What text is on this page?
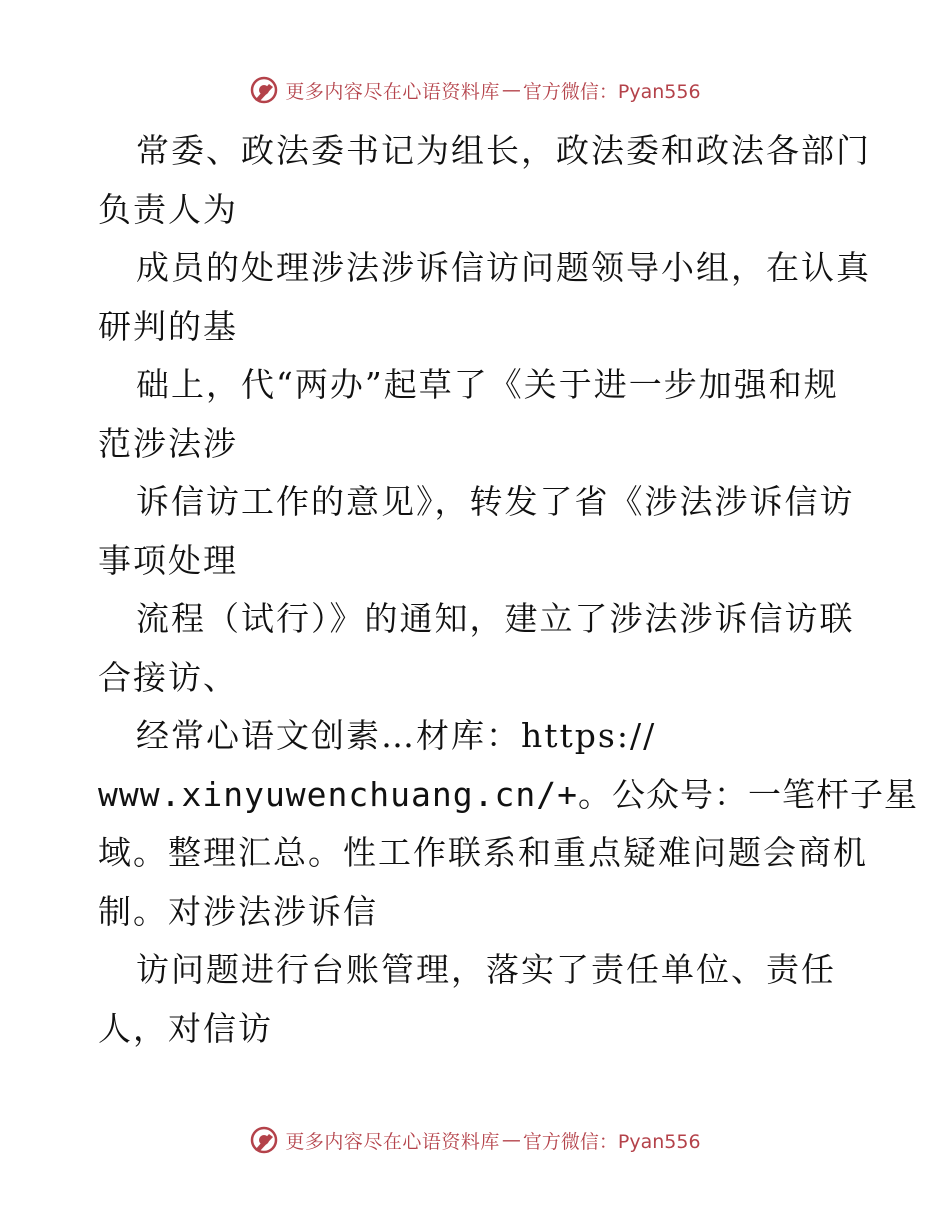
更多内容尽在心语资料库 — 官方微信：Pyan556
常委、政法委书记为组长，政法委和政法各部门
负责人为
成员的处理涉法涉诉信访问题领导小组，在认真
研判的基
础上，代“两办”起草了《关于进一步加强和规
范涉法涉
诉信访工作的意见》，转发了省《涉法涉诉信访
事项处理
流程（试行）》的通知，建立了涉法涉诉信访联
合接访、
经常心语文创素…材库：https://
www.xinyuwenchuang.cn/+。公众号：一笔杆子星
域。整理汇总。性工作联系和重点疑难问题会商机
制。对涉法涉诉信
访问题进行台账管理，落实了责任单位、责任
人，对信访
更多内容尽在心语资料库 — 官方微信：Pyan556
